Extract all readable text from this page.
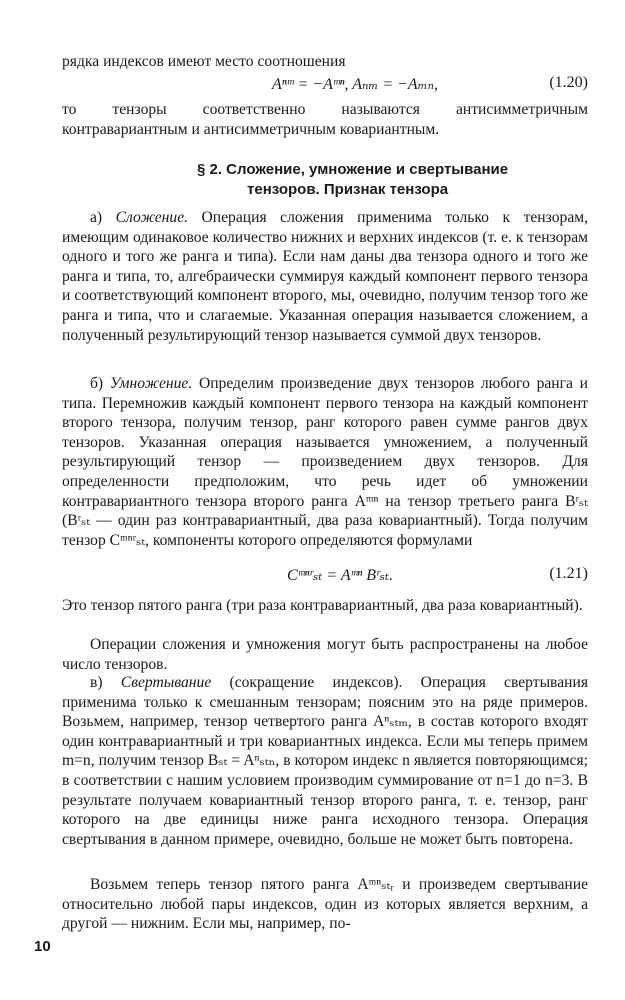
рядка индексов имеют место соотношения

Aⁿᵐ = −Aᵐⁿ, Aₙₘ = −Aₘₙ,	(1.20)

то тензоры соответственно называются антисимметричным контравариантным и антисимметричным ковариантным.

§ 2. Сложение, умножение и свертывание
тензоров. Признак тензора

а) Сложение. Операция сложения применима только к тензорам, имеющим одинаковое количество нижних и верхних индексов (т. е. к тензорам одного и того же ранга и типа). Если нам даны два тензора одного и того же ранга и типа, то, алгебраически суммируя каждый компонент первого тензора и соответствующий компонент второго, мы, очевидно, получим тензор того же ранга и типа, что и слагаемые. Указанная операция называется сложением, а полученный результирующий тензор называется суммой двух тензоров.

б) Умножение. Определим произведение двух тензоров любого ранга и типа. Перемножив каждый компонент первого тензора на каждый компонент второго тензора, получим тензор, ранг которого равен сумме рангов двух тензоров. Указанная операция называется умножением, а полученный результирующий тензор — произведением двух тензоров. Для определенности предположим, что речь идет об умножении контравариантного тензора второго ранга Aᵐⁿ на тензор третьего ранга Bʳₛₜ (Bʳₛₜ — один раз контравариантный, два раза ковариантный). Тогда получим тензор Cᵐⁿʳₛₜ, компоненты которого определяются формулами

Cᵐⁿʳₛₜ = Aᵐⁿ Bʳₛₜ.	(1.21)

Это тензор пятого ранга (три раза контравариантный, два раза ковариантный).

Операции сложения и умножения могут быть распространены на любое число тензоров.

в) Свертывание (сокращение индексов). Операция свертывания применима только к смешанным тензорам; поясним это на ряде примеров. Возьмем, например, тензор четвертого ранга Aⁿₛₜₘ, в состав которого входят один контравариантный и три ковариантных индекса. Если мы теперь примем m=n, получим тензор Bₛₜ = Aⁿₛₜₙ, в котором индекс n является повторяющимся; в соответствии с нашим условием производим суммирование от n=1 до n=3. В результате получаем ковариантный тензор второго ранга, т. е. тензор, ранг которого на две единицы ниже ранга исходного тензора. Операция свертывания в данном примере, очевидно, больше не может быть повторена.

Возьмем теперь тензор пятого ранга Aᵐⁿₛₜᵣ и произведем свертывание относительно любой пары индексов, один из которых является верхним, а другой — нижним. Если мы, например, по-

10
